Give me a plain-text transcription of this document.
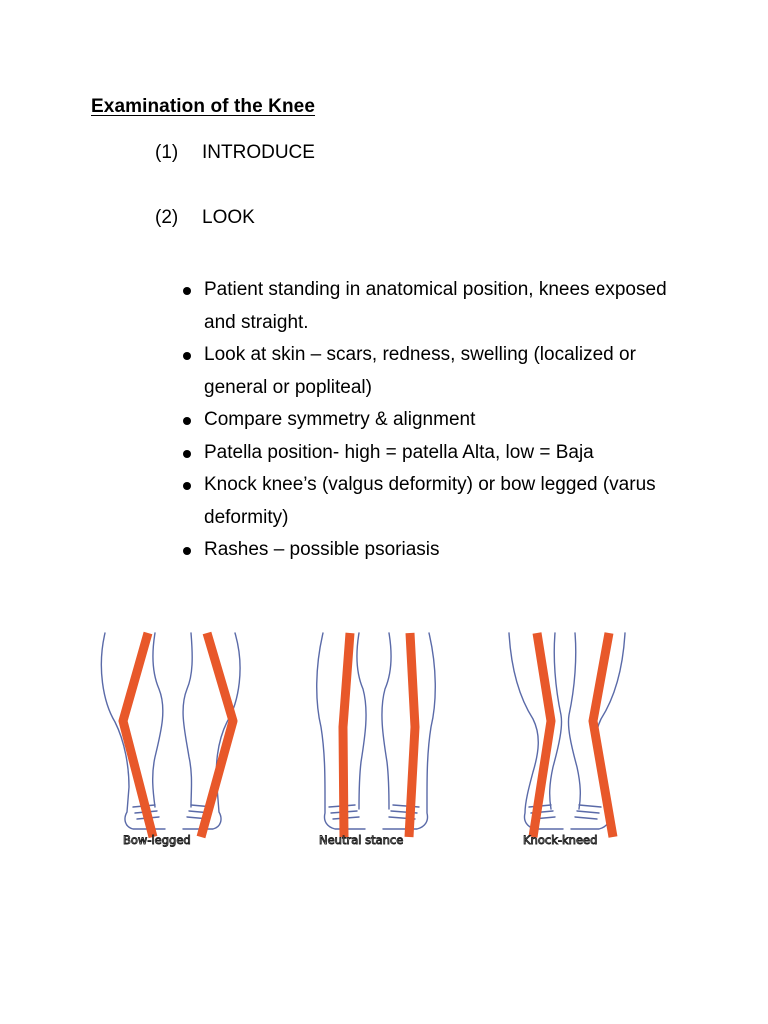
Examination of the Knee
(1) INTRODUCE
(2) LOOK
Patient standing in anatomical position, knees exposed and straight.
Look at skin – scars, redness, swelling (localized or general or popliteal)
Compare symmetry & alignment
Patella position- high = patella Alta, low = Baja
Knock knee’s (valgus deformity) or bow legged (varus deformity)
Rashes – possible psoriasis
Bow-legged	Neutral stance	Knock-kneed
